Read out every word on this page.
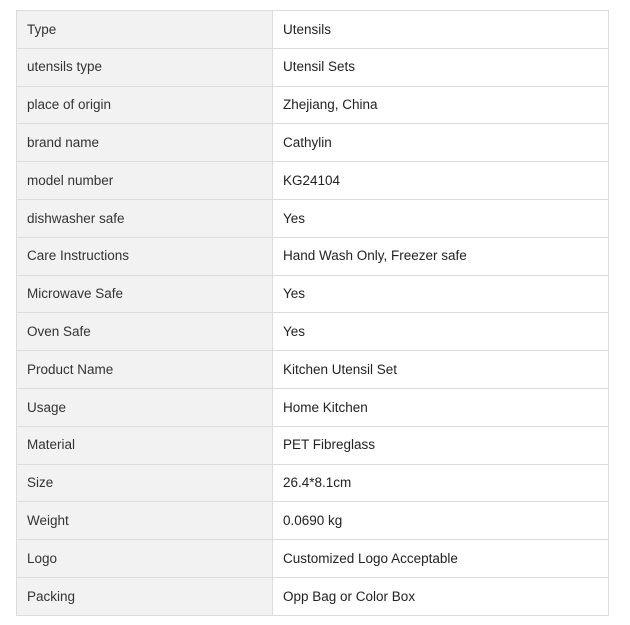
Type	Utensils
utensils type	Utensil Sets
place of origin	Zhejiang, China
brand name	Cathylin
model number	KG24104
dishwasher safe	Yes
Care Instructions	Hand Wash Only, Freezer safe
Microwave Safe	Yes
Oven Safe	Yes
Product Name	Kitchen Utensil Set
Usage	Home Kitchen
Material	PET Fibreglass
Size	26.4*8.1cm
Weight	0.0690 kg
Logo	Customized Logo Acceptable
Packing	Opp Bag or Color Box
